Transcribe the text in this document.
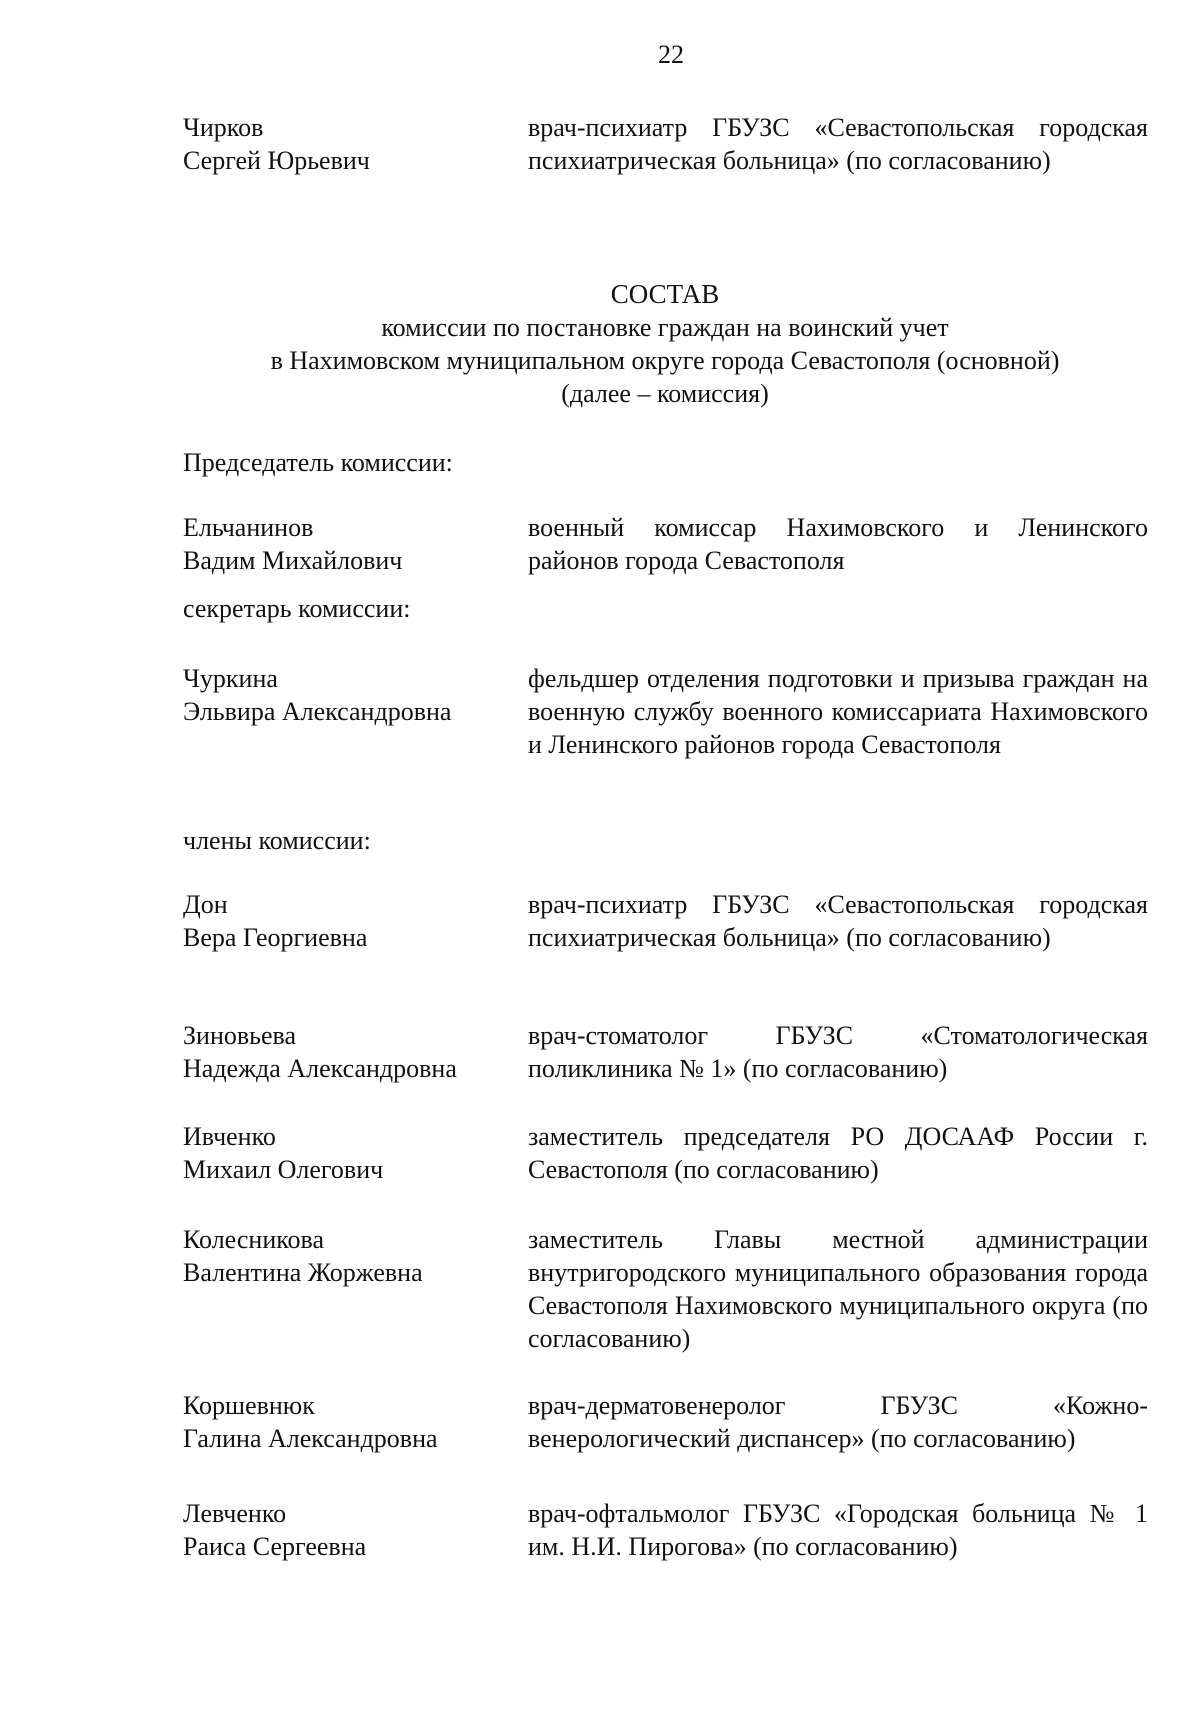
22
Чирков
Сергей Юрьевич
врач-психиатр ГБУЗС «Севастопольская городская психиатрическая больница» (по согласованию)
СОСТАВ
комиссии по постановке граждан на воинский учет
в Нахимовском муниципальном округе города Севастополя (основной)
(далее – комиссия)
Председатель комиссии:
Ельчанинов
Вадим Михайлович
военный комиссар Нахимовского и Ленинского районов города Севастополя
секретарь комиссии:
Чуркина
Эльвира Александровна
фельдшер отделения подготовки и призыва граждан на военную службу военного комиссариата Нахимовского и Ленинского районов города Севастополя
члены комиссии:
Дон
Вера Георгиевна
врач-психиатр ГБУЗС «Севастопольская городская психиатрическая больница» (по согласованию)
Зиновьева
Надежда Александровна
врач-стоматолог ГБУЗС «Стоматологическая поликлиника № 1» (по согласованию)
Ивченко
Михаил Олегович
заместитель председателя РО ДОСААФ России г. Севастополя (по согласованию)
Колесникова
Валентина Жоржевна
заместитель Главы местной администрации внутригородского муниципального образования города Севастополя Нахимовского муниципального округа (по согласованию)
Коршевнюк
Галина Александровна
врач-дерматовенеролог ГБУЗС «Кожно-венерологический диспансер» (по согласованию)
Левченко
Раиса Сергеевна
врач-офтальмолог ГБУЗС «Городская больница № 1 им. Н.И. Пирогова» (по согласованию)
